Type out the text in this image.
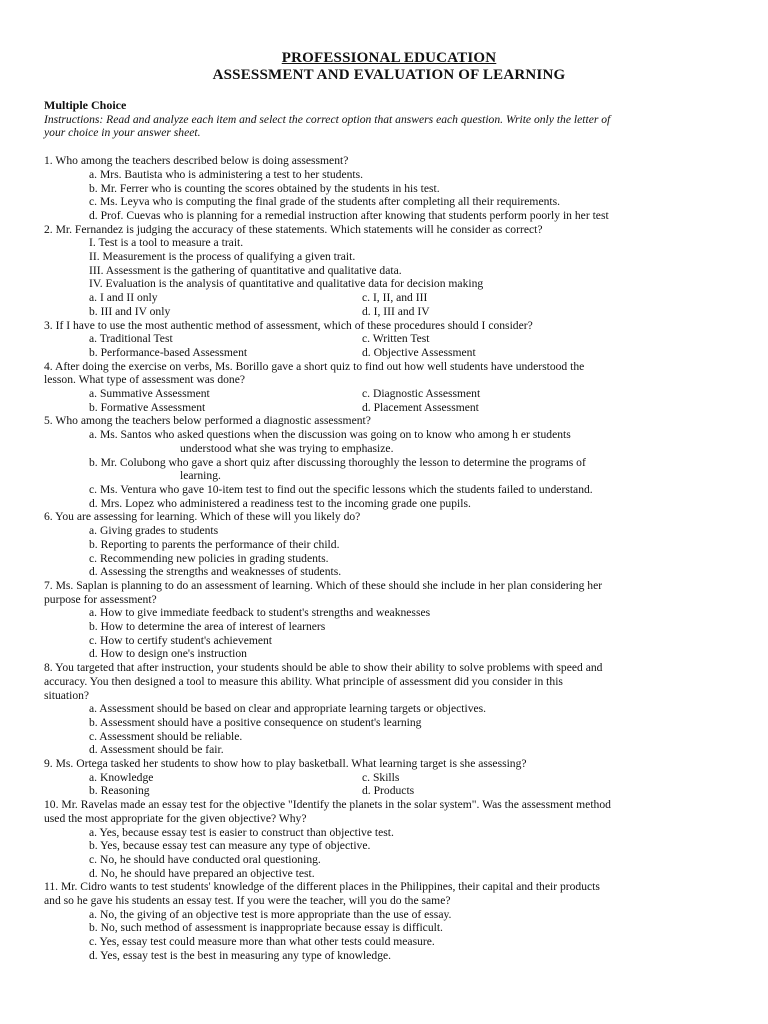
PROFESSIONAL EDUCATION
ASSESSMENT AND EVALUATION OF LEARNING
Multiple Choice
Instructions: Read and analyze each item and select the correct option that answers each question. Write only the letter of
your choice in your answer sheet.
1. Who among the teachers described below is doing assessment?
a. Mrs. Bautista who is administering a test to her students.
b. Mr. Ferrer who is counting the scores obtained by the students in his test.
c. Ms. Leyva who is computing the final grade of the students after completing all their requirements.
d. Prof. Cuevas who is planning for a remedial instruction after knowing that students perform poorly in her test
2. Mr. Fernandez is judging the accuracy of these statements. Which statements will he consider as correct?
I. Test is a tool to measure a trait.
II. Measurement is the process of qualifying a given trait.
III. Assessment is the gathering of quantitative and qualitative data.
IV. Evaluation is the analysis of quantitative and qualitative data for decision making
a. I and II only	c. I, II, and III
b. III and IV only	d. I, III and IV
3. If I have to use the most authentic method of assessment, which of these procedures should I consider?
a. Traditional Test	c. Written Test
b. Performance-based Assessment	d. Objective Assessment
4. After doing the exercise on verbs, Ms. Borillo gave a short quiz to find out how well students have understood the
lesson. What type of assessment was done?
a. Summative Assessment	c. Diagnostic Assessment
b. Formative Assessment	d. Placement Assessment
5. Who among the teachers below performed a diagnostic assessment?
a. Ms. Santos who asked questions when the discussion was going on to know who among h er students
understood what she was trying to emphasize.
b. Mr. Colubong who gave a short quiz after discussing thoroughly the lesson to determine the programs of
learning.
c. Ms. Ventura who gave 10-item test to find out the specific lessons which the students failed to understand.
d. Mrs. Lopez who administered a readiness test to the incoming grade one pupils.
6. You are assessing for learning. Which of these will you likely do?
a. Giving grades to students
b. Reporting to parents the performance of their child.
c. Recommending new policies in grading students.
d. Assessing the strengths and weaknesses of students.
7. Ms. Saplan is planning to do an assessment of learning. Which of these should she include in her plan considering her
purpose for assessment?
a. How to give immediate feedback to student's strengths and weaknesses
b. How to determine the area of interest of learners
c. How to certify student's achievement
d. How to design one's instruction
8. You targeted that after instruction, your students should be able to show their ability to solve problems with speed and
accuracy. You then designed a tool to measure this ability. What principle of assessment did you consider in this
situation?
a. Assessment should be based on clear and appropriate learning targets or objectives.
b. Assessment should have a positive consequence on student's learning
c. Assessment should be reliable.
d. Assessment should be fair.
9. Ms. Ortega tasked her students to show how to play basketball. What learning target is she assessing?
a. Knowledge	c. Skills
b. Reasoning	d. Products
10. Mr. Ravelas made an essay test for the objective "Identify the planets in the solar system". Was the assessment method
used the most appropriate for the given objective? Why?
a. Yes, because essay test is easier to construct than objective test.
b. Yes, because essay test can measure any type of objective.
c. No, he should have conducted oral questioning.
d. No, he should have prepared an objective test.
11. Mr. Cidro wants to test students' knowledge of the different places in the Philippines, their capital and their products
and so he gave his students an essay test. If you were the teacher, will you do the same?
a. No, the giving of an objective test is more appropriate than the use of essay.
b. No, such method of assessment is inappropriate because essay is difficult.
c. Yes, essay test could measure more than what other tests could measure.
d. Yes, essay test is the best in measuring any type of knowledge.
